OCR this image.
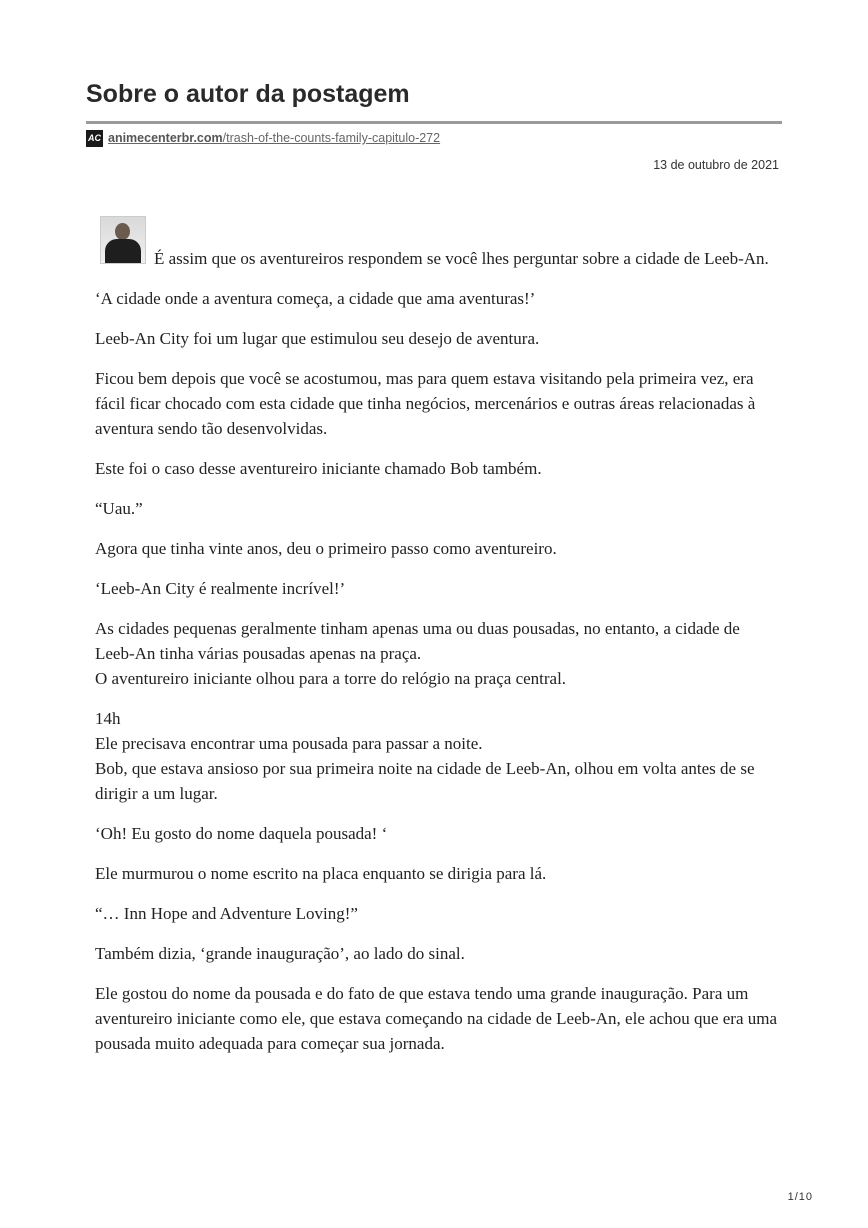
Sobre o autor da postagem
AC animecenterbr.com/trash-of-the-counts-family-capitulo-272
13 de outubro de 2021

É assim que os aventureiros respondem se você lhes perguntar sobre a cidade de Leeb-An.

‘A cidade onde a aventura começa, a cidade que ama aventuras!’

Leeb-An City foi um lugar que estimulou seu desejo de aventura.

Ficou bem depois que você se acostumou, mas para quem estava visitando pela primeira vez, era fácil ficar chocado com esta cidade que tinha negócios, mercenários e outras áreas relacionadas à aventura sendo tão desenvolvidas.

Este foi o caso desse aventureiro iniciante chamado Bob também.

“Uau.”

Agora que tinha vinte anos, deu o primeiro passo como aventureiro.

‘Leeb-An City é realmente incrível!’

As cidades pequenas geralmente tinham apenas uma ou duas pousadas, no entanto, a cidade de Leeb-An tinha várias pousadas apenas na praça.
O aventureiro iniciante olhou para a torre do relógio na praça central.

14h
Ele precisava encontrar uma pousada para passar a noite.
Bob, que estava ansioso por sua primeira noite na cidade de Leeb-An, olhou em volta antes de se dirigir a um lugar.

‘Oh! Eu gosto do nome daquela pousada! ‘

Ele murmurou o nome escrito na placa enquanto se dirigia para lá.

“… Inn Hope and Adventure Loving!”

Também dizia, ‘grande inauguração’, ao lado do sinal.

Ele gostou do nome da pousada e do fato de que estava tendo uma grande inauguração. Para um aventureiro iniciante como ele, que estava começando na cidade de Leeb-An, ele achou que era uma pousada muito adequada para começar sua jornada.

1/10
